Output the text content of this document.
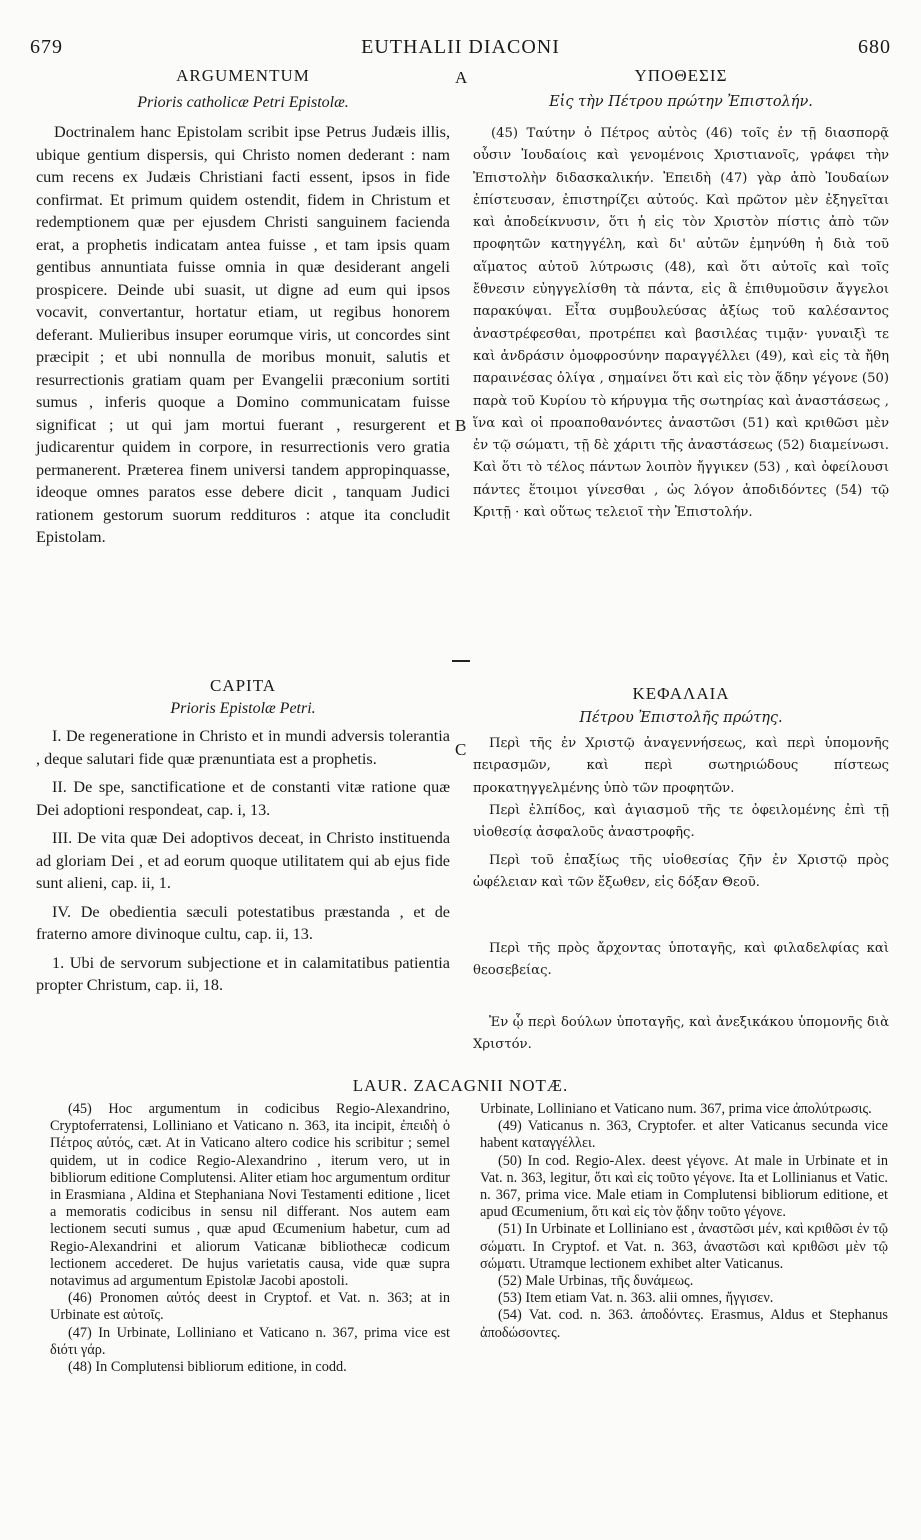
679	EUTHALII DIACONI	680
A
B
C
ARGUMENTUM
Prioris catholicæ Petri Epistolæ.

Doctrinalem hanc Epistolam scribit ipse Petrus Judæis illis, ubique gentium dispersis, qui Christo nomen dederant : nam cum recens ex Judæis Christiani facti essent, ipsos in fide confirmat. Et primum quidem ostendit, fidem in Christum et redemptionem quæ per ejusdem Christi sanguinem facienda erat, a prophetis indicatam antea fuisse , et tam ipsis quam gentibus annuntiata fuisse omnia in quæ desiderant angeli prospicere. Deinde ubi suasit, ut digne ad eum qui ipsos vocavit, convertantur, hortatur etiam, ut regibus honorem deferant. Mulieribus insuper eorumque viris, ut concordes sint præcipit ; et ubi nonnulla de moribus monuit, salutis et resurrectionis gratiam quam per Evangelii præconium sortiti sumus , inferis quoque a Domino communicatam fuisse significat ; ut qui jam mortui fuerant , resurgerent et judicarentur quidem in corpore, in resurrectionis vero gratia permanerent. Præterea finem universi tandem appropinquasse, ideoque omnes paratos esse debere dicit , tanquam Judici rationem gestorum suorum reddituros : atque ita concludit Epistolam.

ΥΠΟΘΕΣΙΣ
Εἰς τὴν Πέτρου πρώτην Ἐπιστολήν.

(45) Ταύτην ὁ Πέτρος αὐτὸς (46) τοῖς ἐν τῇ διασπορᾷ οὖσιν Ἰουδαίοις καὶ γενομένοις Χριστιανοῖς, γράφει τὴν Ἐπιστολὴν διδασκαλικήν. Ἐπειδὴ (47) γὰρ ἀπὸ Ἰουδαίων ἐπίστευσαν, ἐπιστηρίζει αὐτούς. Καὶ πρῶτον μὲν ἐξηγεῖται καὶ ἀποδείκνυσιν, ὅτι ἡ εἰς τὸν Χριστὸν πίστις ἀπὸ τῶν προφητῶν κατηγγέλη, καὶ δι' αὐτῶν ἐμηνύθη ἡ διὰ τοῦ αἵματος αὐτοῦ λύτρωσις (48), καὶ ὅτι αὐτοῖς καὶ τοῖς ἔθνεσιν εὐηγγελίσθη τὰ πάντα, εἰς ἃ ἐπιθυμοῦσιν ἄγγελοι παρακύψαι. Εἶτα συμβουλεύσας ἀξίως τοῦ καλέσαντος ἀναστρέφεσθαι, προτρέπει καὶ βασιλέας τιμᾷν· γυναιξὶ τε καὶ ἀνδράσιν ὁμοφροσύνην παραγγέλλει (49), καὶ εἰς τὰ ἤθη παραινέσας ὀλίγα , σημαίνει ὅτι καὶ εἰς τὸν ᾅδην γέγονε (50) παρὰ τοῦ Κυρίου τὸ κήρυγμα τῆς σωτηρίας καὶ ἀναστάσεως , ἵνα καὶ οἱ προαποθανόντες ἀναστῶσι (51) καὶ κριθῶσι μὲν ἐν τῷ σώματι, τῇ δὲ χάριτι τῆς ἀναστάσεως (52) διαμείνωσι. Καὶ ὅτι τὸ τέλος πάντων λοιπὸν ἤγγικεν (53) , καὶ ὀφείλουσι πάντες ἕτοιμοι γίνεσθαι , ὡς λόγον ἀποδιδόντες (54) τῷ Κριτῇ · καὶ οὕτως τελειοῖ τὴν Ἐπιστολήν.

CAPITA
Prioris Epistolæ Petri.

I. De regeneratione in Christo et in mundi adversis tolerantia , deque salutari fide quæ prænuntiata est a prophetis.

II. De spe, sanctificatione et de constanti vitæ ratione quæ Dei adoptioni respondeat, cap. i, 13.

III. De vita quæ Dei adoptivos deceat, in Christo instituenda ad gloriam Dei , et ad eorum quoque utilitatem qui ab ejus fide sunt alieni, cap. ii, 1.

IV. De obedientia sæculi potestatibus præstanda , et de fraterno amore divinoque cultu, cap. ii, 13.

1. Ubi de servorum subjectione et in calamitatibus patientia propter Christum, cap. ii, 18.

ΚΕΦΑΛΑΙΑ
Πέτρου Ἐπιστολῆς πρώτης.

Περὶ τῆς ἐν Χριστῷ ἀναγεννήσεως, καὶ περὶ ὑπομονῆς πειρασμῶν, καὶ περὶ σωτηριώδους πίστεως προκατηγγελμένης ὑπὸ τῶν προφητῶν.

Περὶ ἐλπίδος, καὶ ἁγιασμοῦ τῆς τε ὀφειλομένης ἐπὶ τῇ υἱοθεσίᾳ ἀσφαλοῦς ἀναστροφῆς.

Περὶ τοῦ ἐπαξίως τῆς υἱοθεσίας ζῆν ἐν Χριστῷ πρὸς ὠφέλειαν καὶ τῶν ἔξωθεν, εἰς δόξαν Θεοῦ.

Περὶ τῆς πρὸς ἄρχοντας ὑποταγῆς, καὶ φιλαδελφίας καὶ θεοσεβείας.

Ἐν ᾧ περὶ δούλων ὑποταγῆς, καὶ ἀνεξικάκου ὑπομονῆς διὰ Χριστόν.

LAUR. ZACAGNII NOTÆ.

(45) Hoc argumentum in codicibus Regio-Alexandrino, Cryptoferratensi, Lolliniano et Vaticano n. 363, ita incipit, ἐπειδὴ ὁ Πέτρος αὐτός, cæt. At in Vaticano altero codice his scribitur ; semel quidem, ut in codice Regio-Alexandrino , iterum vero, ut in bibliorum editione Complutensi. Aliter etiam hoc argumentum orditur in Erasmiana , Aldina et Stephaniana Novi Testamenti editione , licet a memoratis codicibus in sensu nil differant. Nos autem eam lectionem secuti sumus , quæ apud Œcumenium habetur, cum ad Regio-Alexandrini et aliorum Vaticanæ bibliothecæ codicum lectionem accederet. De hujus varietatis causa, vide quæ supra notavimus ad argumentum Epistolæ Jacobi apostoli.

(46) Pronomen αὐτός deest in Cryptof. et Vat. n. 363; at in Urbinate est αὐτοῖς.

(47) In Urbinate, Lolliniano et Vaticano n. 367, prima vice est διότι γάρ.

(48) In Complutensi bibliorum editione, in codd.

Urbinate, Lolliniano et Vaticano num. 367, prima vice ἀπολύτρωσις.

(49) Vaticanus n. 363, Cryptofer. et alter Vaticanus secunda vice habent καταγγέλλει.

(50) In cod. Regio-Alex. deest γέγονε. At male in Urbinate et in Vat. n. 363, legitur, ὅτι καὶ εἰς τοῦτο γέγονε. Ita et Lollinianus et Vatic. n. 367, prima vice. Male etiam in Complutensi bibliorum editione, et apud Œcumenium, ὅτι καὶ εἰς τὸν ᾅδην τοῦτο γέγονε.

(51) In Urbinate et Lolliniano est , ἀναστῶσι μέν, καὶ κριθῶσι ἐν τῷ σώματι. In Cryptof. et Vat. n. 363, ἀναστῶσι καὶ κριθῶσι μὲν τῷ σώματι. Utramque lectionem exhibet alter Vaticanus.

(52) Male Urbinas, τῆς δυνάμεως.

(53) Item etiam Vat. n. 363. alii omnes, ἤγγισεν.

(54) Vat. cod. n. 363. ἀποδόντες. Erasmus, Aldus et Stephanus ἀποδώσοντες.
